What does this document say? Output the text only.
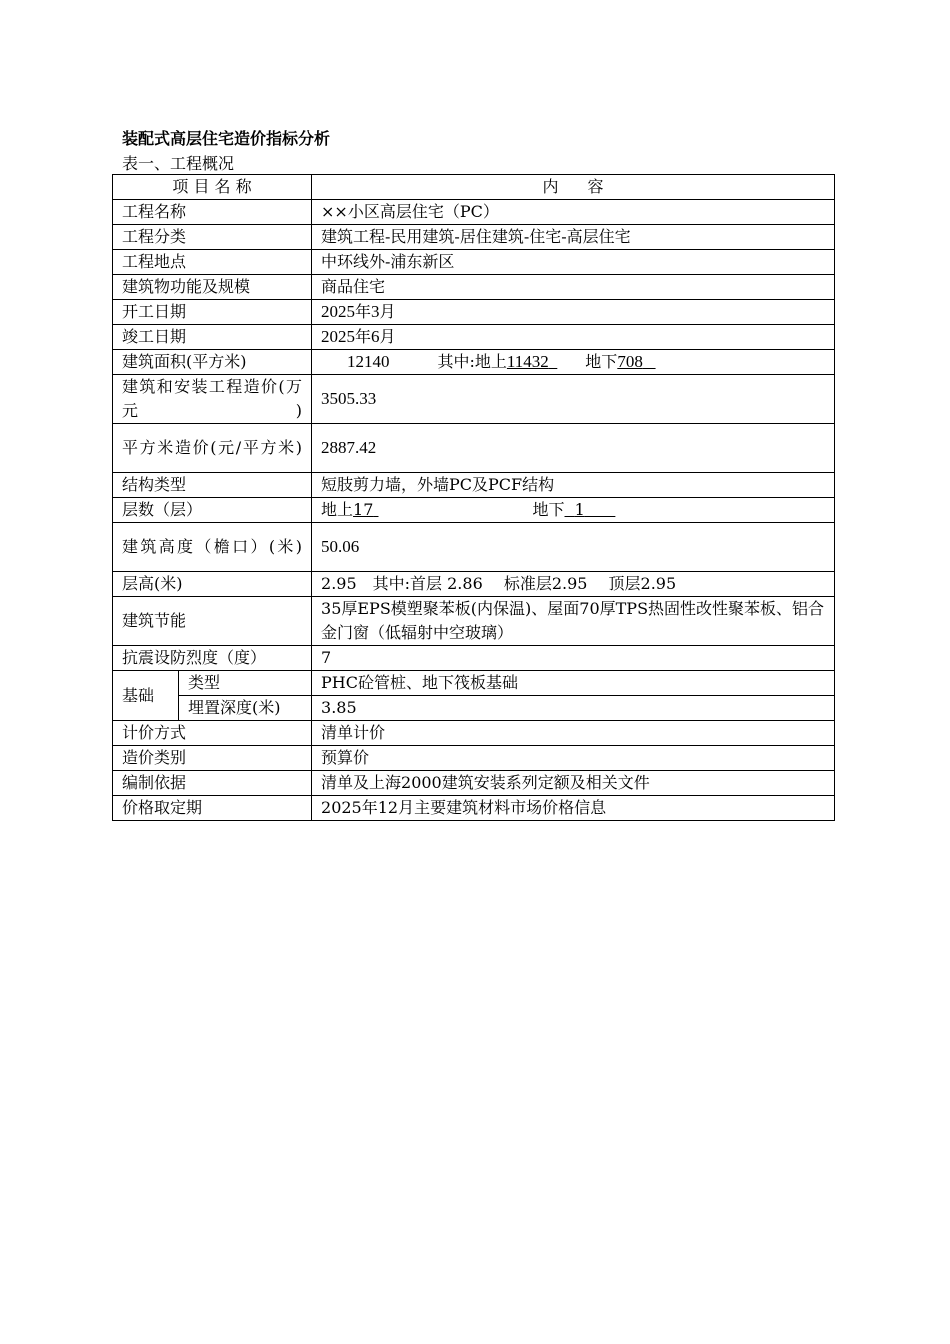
装配式高层住宅造价指标分析
表一、工程概况
项 目 名 称		内 容
工程名称		××小区高层住宅（PC）
工程分类		建筑工程-民用建筑-居住建筑-住宅-高层住宅
工程地点		中环线外-浦东新区
建筑物功能及规模		商品住宅
开工日期		2025年3月
竣工日期		2025年6月
建筑面积(平方米)		12140 其中:地上11432 地下708
建筑和安装工程造价(万元)		3505.33
平方米造价(元/平方米)		2887.42
结构类型		短肢剪力墙，外墙PC及PCF结构
层数（层）		地上17 地下 1
建筑高度（檐口）(米)		50.06
层高(米)		2.95　其中:首层 2.86　 标准层2.95　 顶层2.95
建筑节能		35厚EPS模塑聚苯板(内保温)、屋面70厚TPS热固性改性聚苯板、铝合金门窗（低辐射中空玻璃）
抗震设防烈度（度）		7
基础	类型	PHC砼管桩、地下筏板基础
	埋置深度(米)	3.85
计价方式		清单计价
造价类别		预算价
编制依据		清单及上海2000建筑安装系列定额及相关文件
价格取定期		2025年12月主要建筑材料市场价格信息
